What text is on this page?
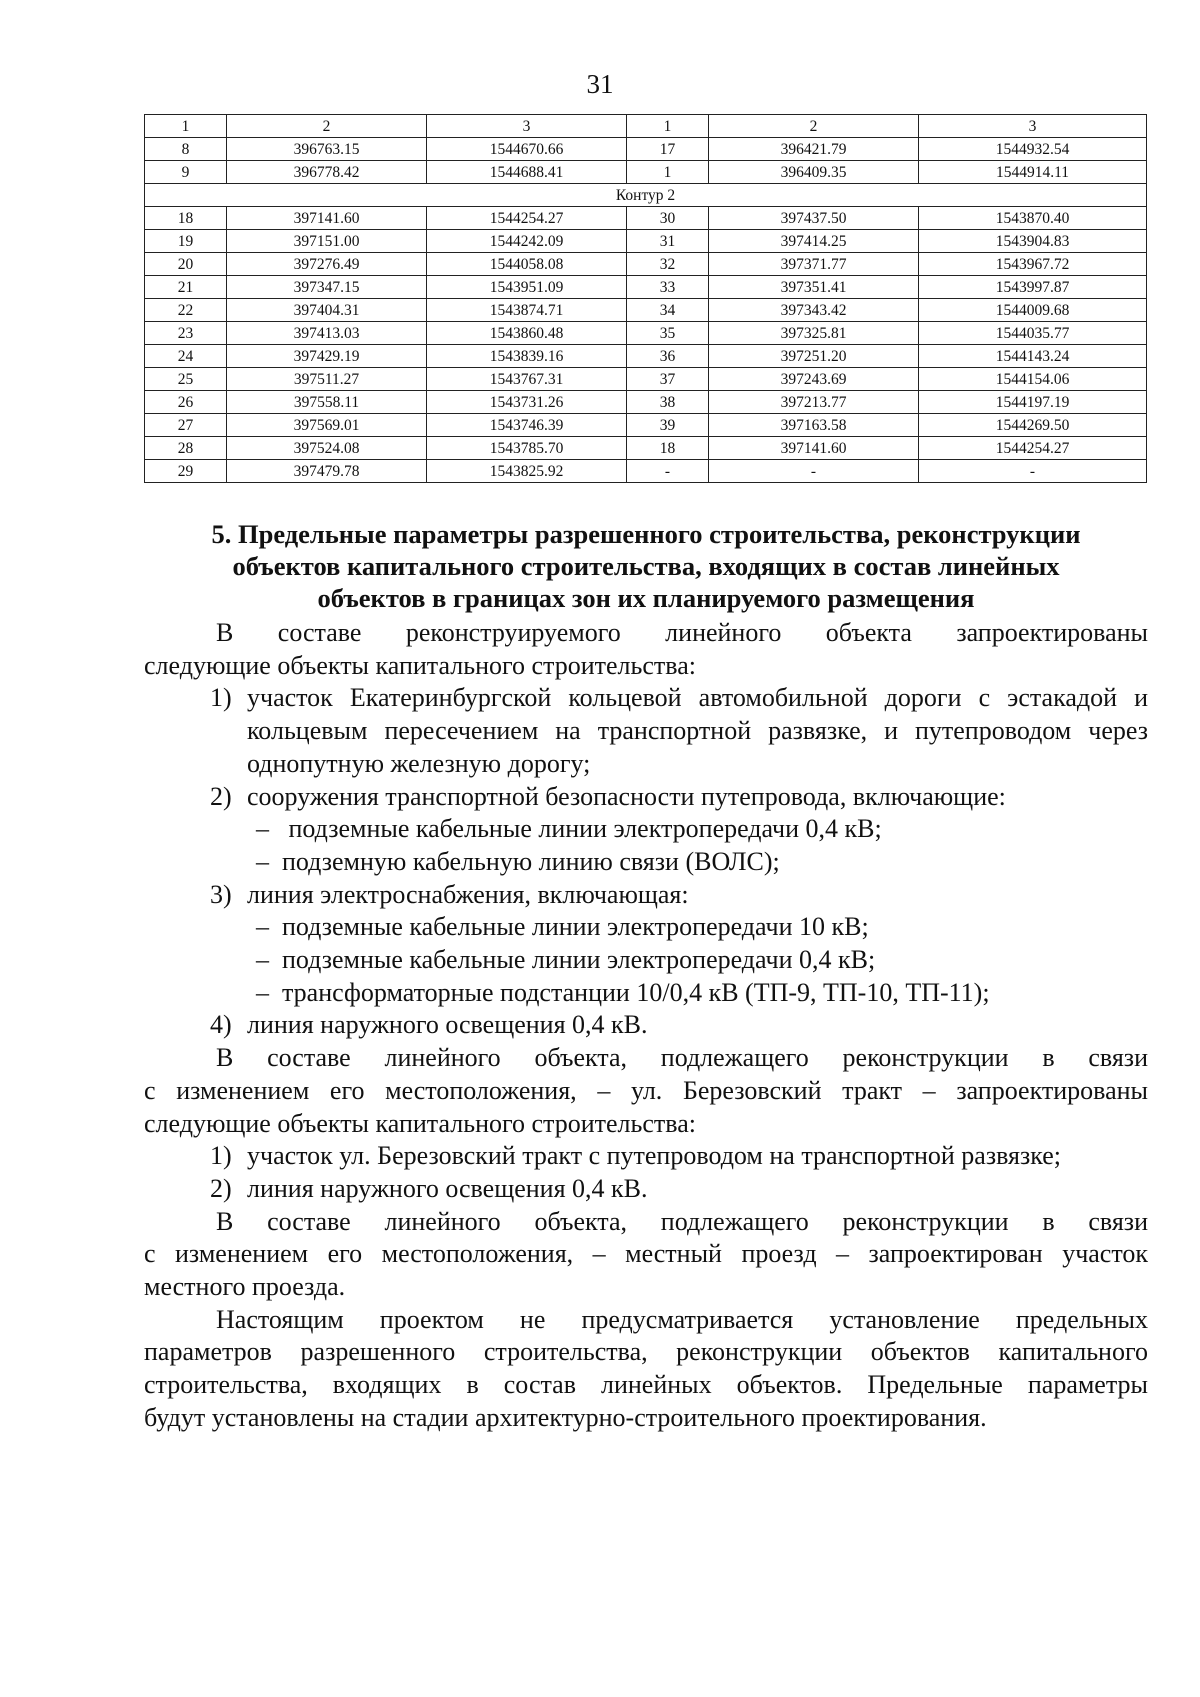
31
1	2	3	1	2	3
8	396763.15	1544670.66	17	396421.79	1544932.54
9	396778.42	1544688.41	1	396409.35	1544914.11
Контур 2					
18	397141.60	1544254.27	30	397437.50	1543870.40
19	397151.00	1544242.09	31	397414.25	1543904.83
20	397276.49	1544058.08	32	397371.77	1543967.72
21	397347.15	1543951.09	33	397351.41	1543997.87
22	397404.31	1543874.71	34	397343.42	1544009.68
23	397413.03	1543860.48	35	397325.81	1544035.77
24	397429.19	1543839.16	36	397251.20	1544143.24
25	397511.27	1543767.31	37	397243.69	1544154.06
26	397558.11	1543731.26	38	397213.77	1544197.19
27	397569.01	1543746.39	39	397163.58	1544269.50
28	397524.08	1543785.70	18	397141.60	1544254.27
29	397479.78	1543825.92	-	-	-
5. Предельные параметры разрешенного строительства, реконструкции
объектов капитального строительства, входящих в состав линейных
объектов в границах зон их планируемого размещения

В составе реконструируемого линейного объекта запроектированы

следующие объекты капитального строительства:

1) участок Екатеринбургской кольцевой автомобильной дороги с эстакадой и кольцевым пересечением на транспортной развязке, и путепроводом через однопутную железную дорогу;
2) сооружения транспортной безопасности путепровода, включающие:
– подземные кабельные линии электропередачи 0,4 кВ;
– подземную кабельную линию связи (ВОЛС);
3) линия электроснабжения, включающая:
– подземные кабельные линии электропередачи 10 кВ;
– подземные кабельные линии электропередачи 0,4 кВ;
– трансформаторные подстанции 10/0,4 кВ (ТП-9, ТП-10, ТП-11);
4) линия наружного освещения 0,4 кВ.

В составе линейного объекта, подлежащего реконструкции в связи

с изменением его местоположения, – ул. Березовский тракт – запроектированы

следующие объекты капитального строительства:

1) участок ул. Березовский тракт с путепроводом на транспортной развязке;
2) линия наружного освещения 0,4 кВ.

В составе линейного объекта, подлежащего реконструкции в связи

с изменением его местоположения, – местный проезд – запроектирован участок

местного проезда.

Настоящим проектом не предусматривается установление предельных

параметров разрешенного строительства, реконструкции объектов капитального

строительства, входящих в состав линейных объектов. Предельные параметры

будут установлены на стадии архитектурно-строительного проектирования.
